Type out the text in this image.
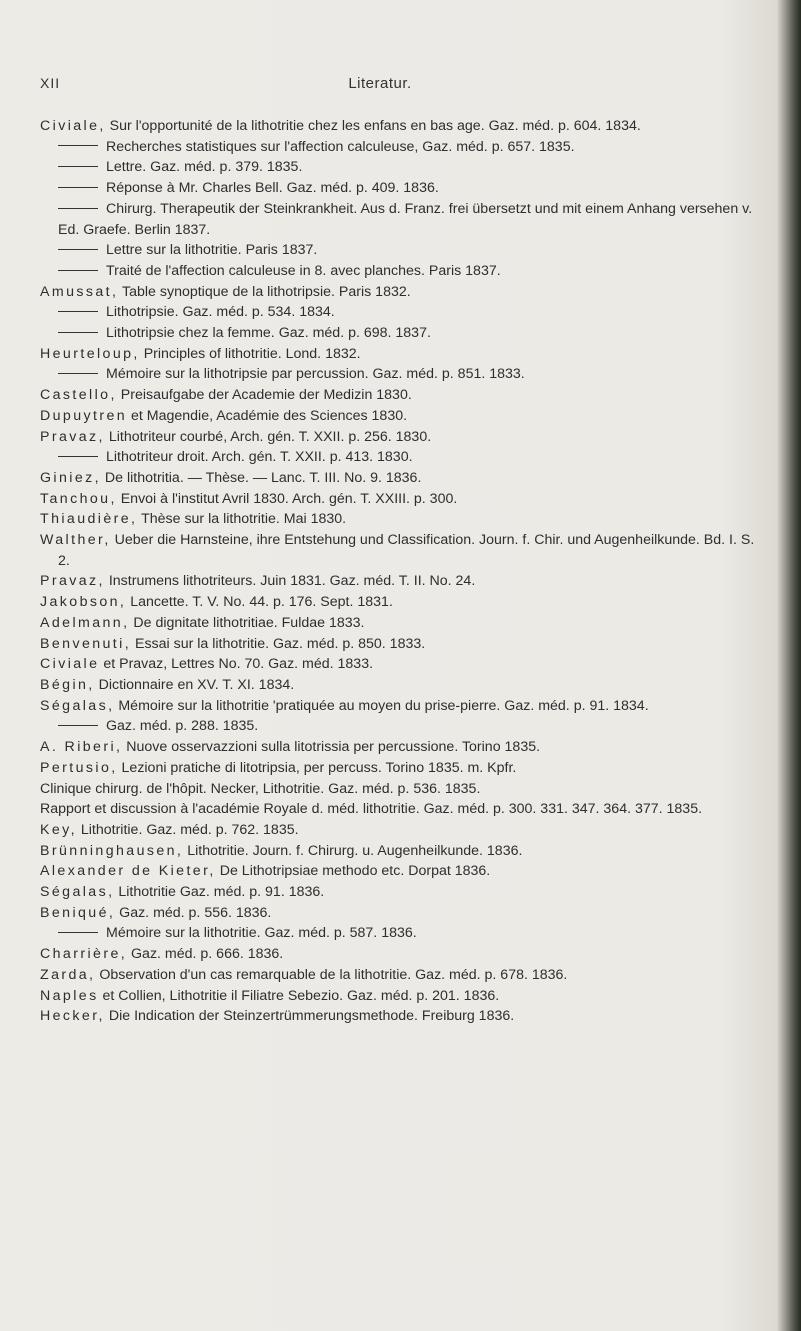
XII	Literatur.

Civiale, Sur l'opportunité de la lithotritie chez les enfans en bas age. Gaz. méd. p. 604. 1834.

Recherches statistiques sur l'affection calculeuse, Gaz. méd. p. 657. 1835.

Lettre. Gaz. méd. p. 379. 1835.

Réponse à Mr. Charles Bell. Gaz. méd. p. 409. 1836.

Chirurg. Therapeutik der Steinkrankheit. Aus d. Franz. frei übersetzt und mit einem Anhang versehen v. Ed. Graefe. Berlin 1837.

Lettre sur la lithotritie. Paris 1837.

Traité de l'affection calculeuse in 8. avec planches. Paris 1837.

Amussat, Table synoptique de la lithotripsie. Paris 1832.

Lithotripsie. Gaz. méd. p. 534. 1834.

Lithotripsie chez la femme. Gaz. méd. p. 698. 1837.

Heurteloup, Principles of lithotritie. Lond. 1832.

Mémoire sur la lithotripsie par percussion. Gaz. méd. p. 851. 1833.

Castello, Preisaufgabe der Academie der Medizin 1830.

Dupuytren et Magendie, Académie des Sciences 1830.

Pravaz, Lithotriteur courbé, Arch. gén. T. XXII. p. 256. 1830.

Lithotriteur droit. Arch. gén. T. XXII. p. 413. 1830.

Giniez, De lithotritia. — Thèse. — Lanc. T. III. No. 9. 1836.

Tanchou, Envoi à l'institut Avril 1830. Arch. gén. T. XXIII. p. 300.

Thiaudière, Thèse sur la lithotritie. Mai 1830.

Walther, Ueber die Harnsteine, ihre Entstehung und Classification. Journ. f. Chir. und Augenheilkunde. Bd. I. S. 2.

Pravaz, Instrumens lithotriteurs. Juin 1831. Gaz. méd. T. II. No. 24.

Jakobson, Lancette. T. V. No. 44. p. 176. Sept. 1831.

Adelmann, De dignitate lithotritiae. Fuldae 1833.

Benvenuti, Essai sur la lithotritie. Gaz. méd. p. 850. 1833.

Civiale et Pravaz, Lettres No. 70. Gaz. méd. 1833.

Bégin, Dictionnaire en XV. T. XI. 1834.

Ségalas, Mémoire sur la lithotritie 'pratiquée au moyen du prise-pierre. Gaz. méd. p. 91. 1834.

Gaz. méd. p. 288. 1835.

A. Riberi, Nuove osservazzioni sulla litotrissia per percussione. Torino 1835.

Pertusio, Lezioni pratiche di litotripsia, per percuss. Torino 1835. m. Kpfr.

Clinique chirurg. de l'hôpit. Necker, Lithotritie. Gaz. méd. p. 536. 1835.

Rapport et discussion à l'académie Royale d. méd. lithotritie. Gaz. méd. p. 300. 331. 347. 364. 377. 1835.

Key, Lithotritie. Gaz. méd. p. 762. 1835.

Brünninghausen, Lithotritie. Journ. f. Chirurg. u. Augenheilkunde. 1836.

Alexander de Kieter, De Lithotripsiae methodo etc. Dorpat 1836.

Ségalas, Lithotritie Gaz. méd. p. 91. 1836.

Beniqué, Gaz. méd. p. 556. 1836.

Mémoire sur la lithotritie. Gaz. méd. p. 587. 1836.

Charrière, Gaz. méd. p. 666. 1836.

Zarda, Observation d'un cas remarquable de la lithotritie. Gaz. méd. p. 678. 1836.

Naples et Collien, Lithotritie il Filiatre Sebezio. Gaz. méd. p. 201. 1836.

Hecker, Die Indication der Steinzertrümmerungsmethode. Freiburg 1836.
